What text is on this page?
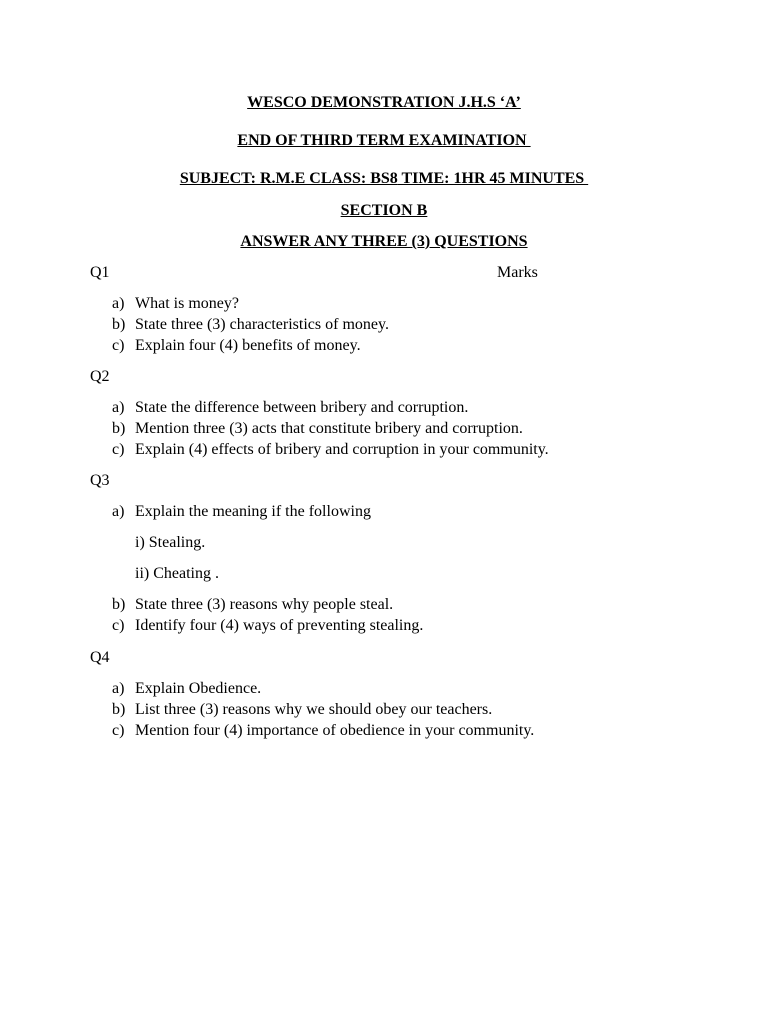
WESCO DEMONSTRATION J.H.S ‘A’
END OF THIRD TERM EXAMINATION
SUBJECT: R.M.E CLASS: BS8 TIME: 1HR 45 MINUTES
SECTION B
ANSWER ANY THREE (3) QUESTIONS
Q1	Marks
a) What is money?
b) State three (3) characteristics of money.
c) Explain four (4) benefits of money.
Q2
a) State the difference between bribery and corruption.
b) Mention three (3) acts that constitute bribery and corruption.
c) Explain (4) effects of bribery and corruption in your community.
Q3
a) Explain the meaning if the following
i) Stealing.
ii) Cheating .
b) State three (3) reasons why people steal.
c) Identify four (4) ways of preventing stealing.
Q4
a) Explain Obedience.
b) List three (3) reasons why we should obey our teachers.
c) Mention four (4) importance of obedience in your community.
